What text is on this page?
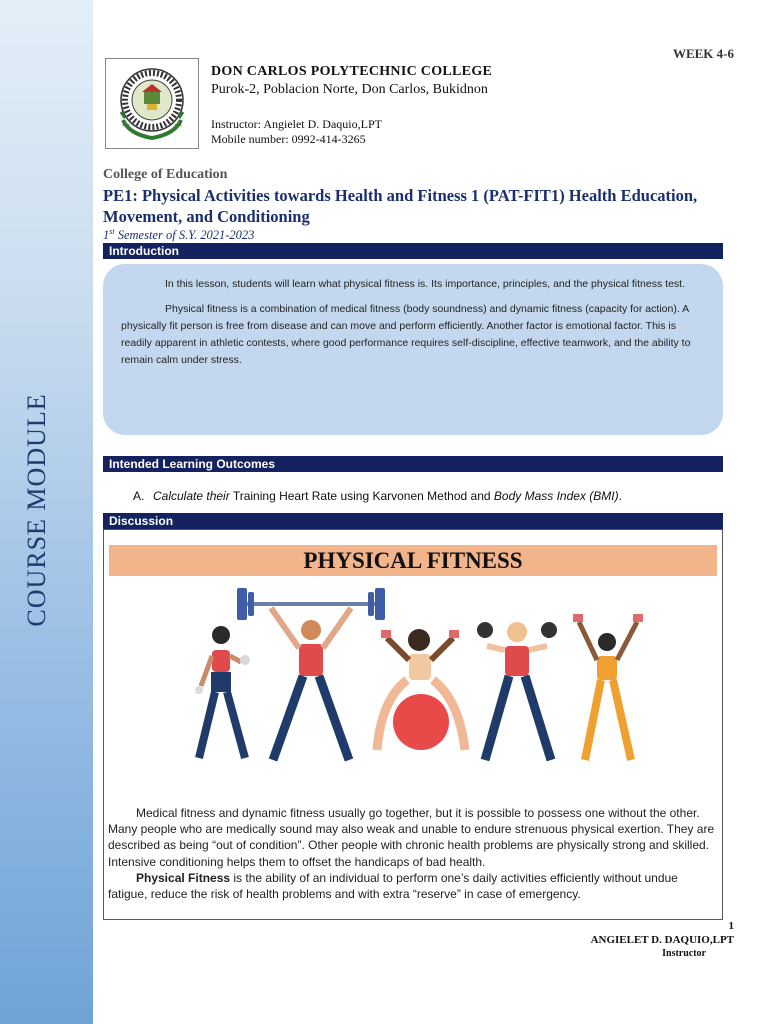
COURSE MODULE
WEEK 4-6
DON CARLOS POLYTECHNIC COLLEGE
Purok-2, Poblacion Norte, Don Carlos, Bukidnon
Instructor: Angielet D. Daquio,LPT
Mobile number: 0992-414-3265
College of Education
PE1: Physical Activities towards Health and Fitness 1 (PAT-FIT1) Health Education, Movement, and Conditioning
1st Semester of S.Y. 2021-2023
Introduction

In this lesson, students will learn what physical fitness is. Its importance, principles, and the physical fitness test.

Physical fitness is a combination of medical fitness (body soundness) and dynamic fitness (capacity for action). A physically fit person is free from disease and can move and perform efficiently. Another factor is emotional factor. This is readily apparent in athletic contests, where good performance requires self-discipline, effective teamwork, and the ability to remain calm under stress.

Intended Learning Outcomes
A. Calculate their Training Heart Rate using Karvonen Method and Body Mass Index (BMI).
Discussion
PHYSICAL FITNESS

Medical fitness and dynamic fitness usually go together, but it is possible to possess one without the other. Many people who are medically sound may also weak and unable to endure strenuous physical exertion. They are described as being “out of condition”. Other people with chronic health problems are physically strong and skilled. Intensive conditioning helps them to offset the handicaps of bad health.

Physical Fitness is the ability of an individual to perform one’s daily activities efficiently without undue fatigue, reduce the risk of health problems and with extra “reserve” in case of emergency.

1
ANGIELET D. DAQUIO,LPT
Instructor
